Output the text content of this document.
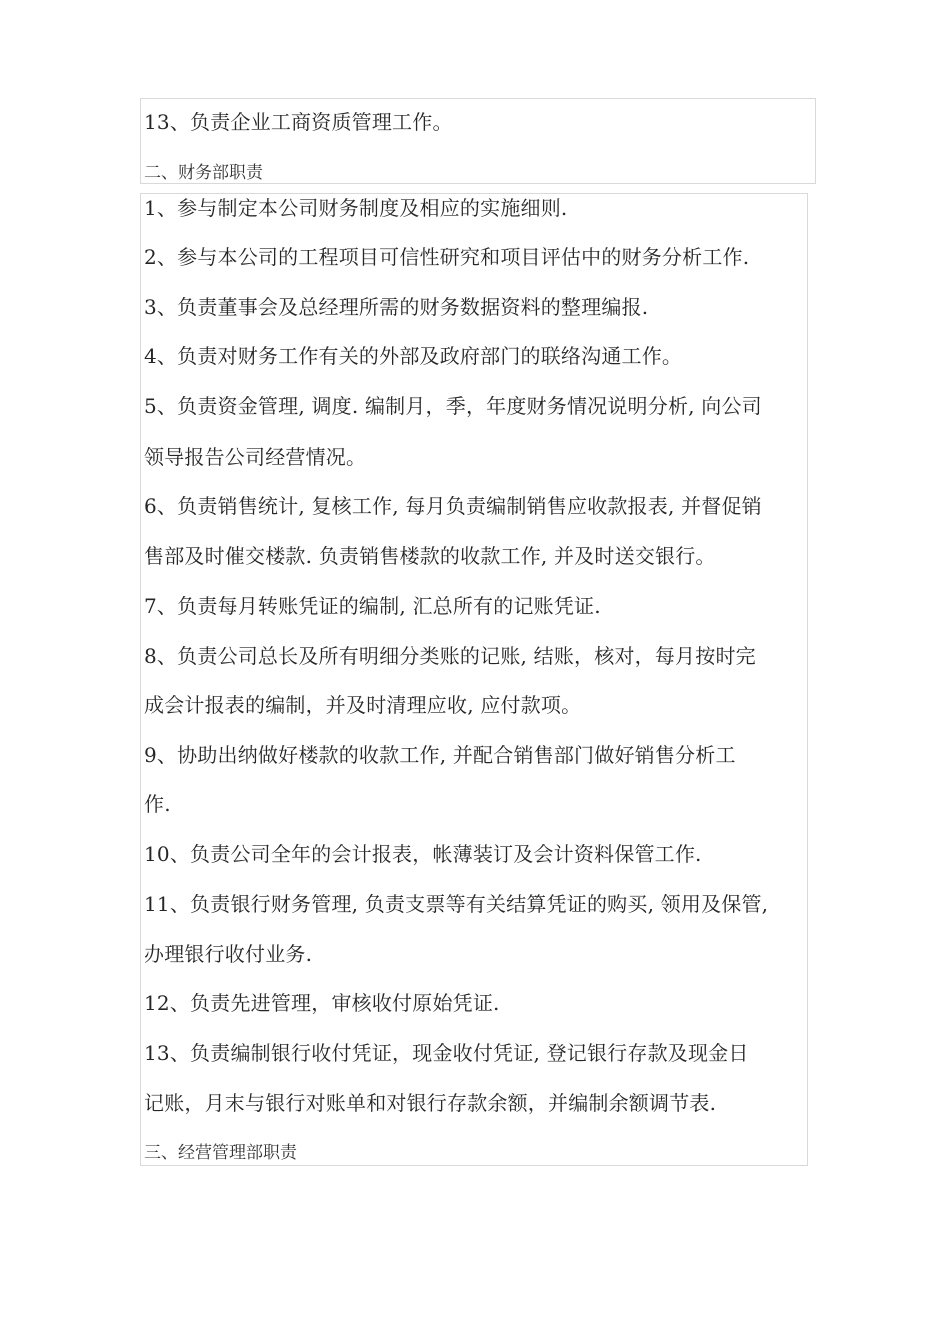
13、负责企业工商资质管理工作。
二、财务部职责
1、参与制定本公司财务制度及相应的实施细则.
2、参与本公司的工程项目可信性研究和项目评估中的财务分析工作.
3、负责董事会及总经理所需的财务数据资料的整理编报.
4、负责对财务工作有关的外部及政府部门的联络沟通工作。
5、负责资金管理, 调度. 编制月，季，年度财务情况说明分析, 向公司
领导报告公司经营情况。
6、负责销售统计, 复核工作, 每月负责编制销售应收款报表, 并督促销
售部及时催交楼款. 负责销售楼款的收款工作, 并及时送交银行。
7、负责每月转账凭证的编制, 汇总所有的记账凭证.
8、负责公司总长及所有明细分类账的记账, 结账，核对，每月按时完
成会计报表的编制，并及时清理应收, 应付款项。
9、协助出纳做好楼款的收款工作, 并配合销售部门做好销售分析工
作.
10、负责公司全年的会计报表，帐薄装订及会计资料保管工作.
11、负责银行财务管理, 负责支票等有关结算凭证的购买, 领用及保管,
办理银行收付业务.
12、负责先进管理，审核收付原始凭证.
13、负责编制银行收付凭证，现金收付凭证, 登记银行存款及现金日
记账，月末与银行对账单和对银行存款余额，并编制余额调节表.
三、经营管理部职责
